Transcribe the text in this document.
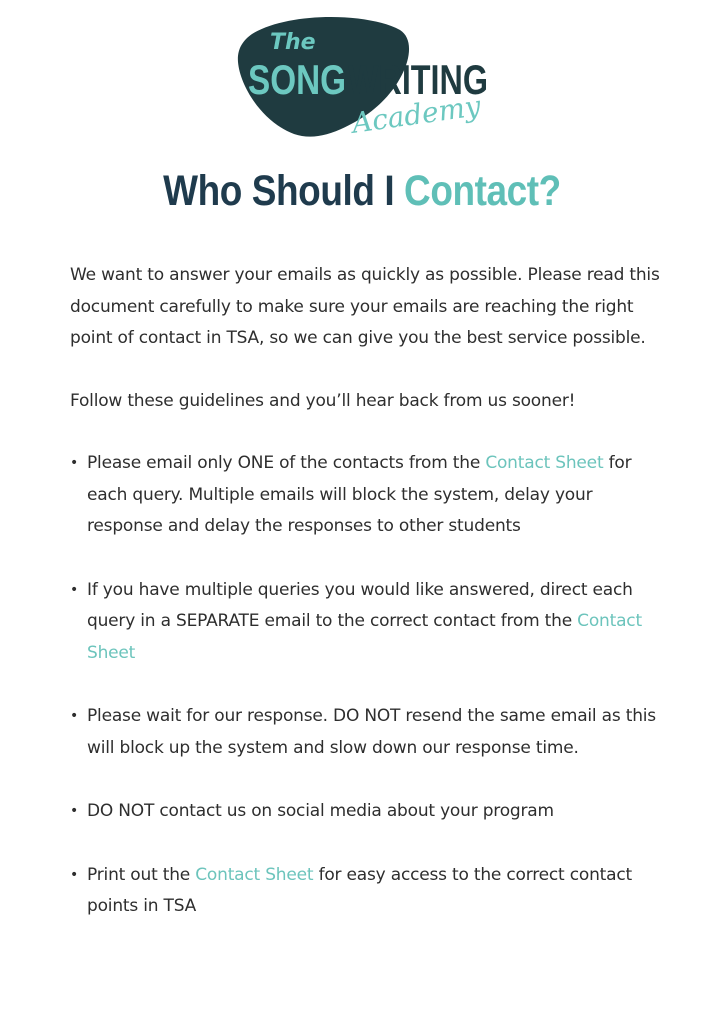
The
SONG WRITING
Academy
Who Should I Contact?

We want to answer your emails as quickly as possible. Please read this document carefully to make sure your emails are reaching the right point of contact in TSA, so we can give you the best service possible.

Follow these guidelines and you’ll hear back from us sooner!

• Please email only ONE of the contacts from the Contact Sheet for each query. Multiple emails will block the system, delay your response and delay the responses to other students
• If you have multiple queries you would like answered, direct each query in a SEPARATE email to the correct contact from the Contact Sheet
• Please wait for our response. DO NOT resend the same email as this will block up the system and slow down our response time.
• DO NOT contact us on social media about your program
• Print out the Contact Sheet for easy access to the correct contact points in TSA
